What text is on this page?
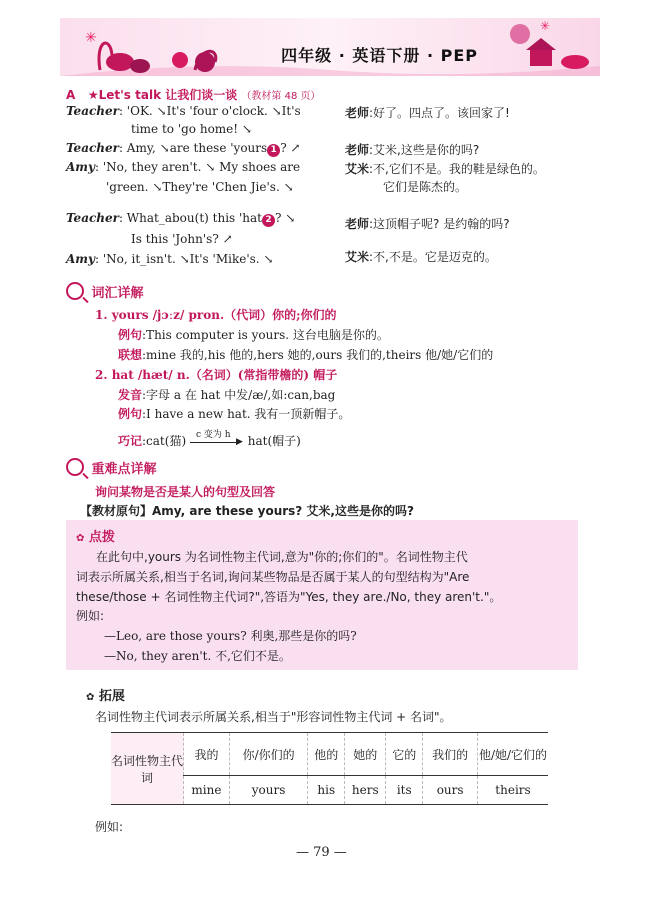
✳
✳
四年级 · 英语下册 · PEP
A ★Let's talk 让我们谈一谈 （教材第 48 页）
Teacher: 'OK. ↘It's 'four o'clock. ↘It's
time to 'go home! ↘
老师:好了。四点了。该回家了!
Teacher: Amy, ↘are these 'yours 1 ? ↗	老师:艾米,这些是你的吗?
Amy: 'No, they aren't. ↘ My shoes are
'green. ↘They're 'Chen Jie's. ↘
艾米:不,它们不是。我的鞋是绿色的。
它们是陈杰的。
Teacher: What_abou(t) this 'hat 2 ? ↘
Is this 'John's? ↗
老师:这顶帽子呢? 是约翰的吗?
Amy: 'No, it_isn't. ↘It's 'Mike's. ↘	艾米:不,不是。它是迈克的。
词汇详解
1. yours /jɔːz/ pron.（代词）你的;你们的
例句:This computer is yours. 这台电脑是你的。
联想:mine 我的,his 他的,hers 她的,ours 我们的,theirs 他/她/它们的
2. hat /hæt/ n.（名词）(常指带檐的) 帽子
发音:字母 a 在 hat 中发/æ/,如:can,bag
例句:I have a new hat. 我有一顶新帽子。
巧记:cat(猫) c 变为 h
▶ hat(帽子)
重难点详解
询问某物是否是某人的句型及回答
【教材原句】Amy, are these yours? 艾米,这些是你的吗?
✿ 点拨
在此句中,yours 为名词性物主代词,意为"你的;你们的"。名词性物主代
词表示所属关系,相当于名词,询问某些物品是否属于某人的句型结构为"Are
these/those + 名词性物主代词?",答语为"Yes, they are./No, they aren't."。
例如:
—Leo, are those yours? 利奥,那些是你的吗?
—No, they aren't. 不,它们不是。
✿ 拓展
名词性物主代词表示所属关系,相当于"形容词性物主代词 + 名词"。
名词性物主代词	我的	你/你们的	他的	她的	它的	我们的	他/她/它们的
	mine	yours	his	hers	its	ours	theirs
例如:
— 79 —
